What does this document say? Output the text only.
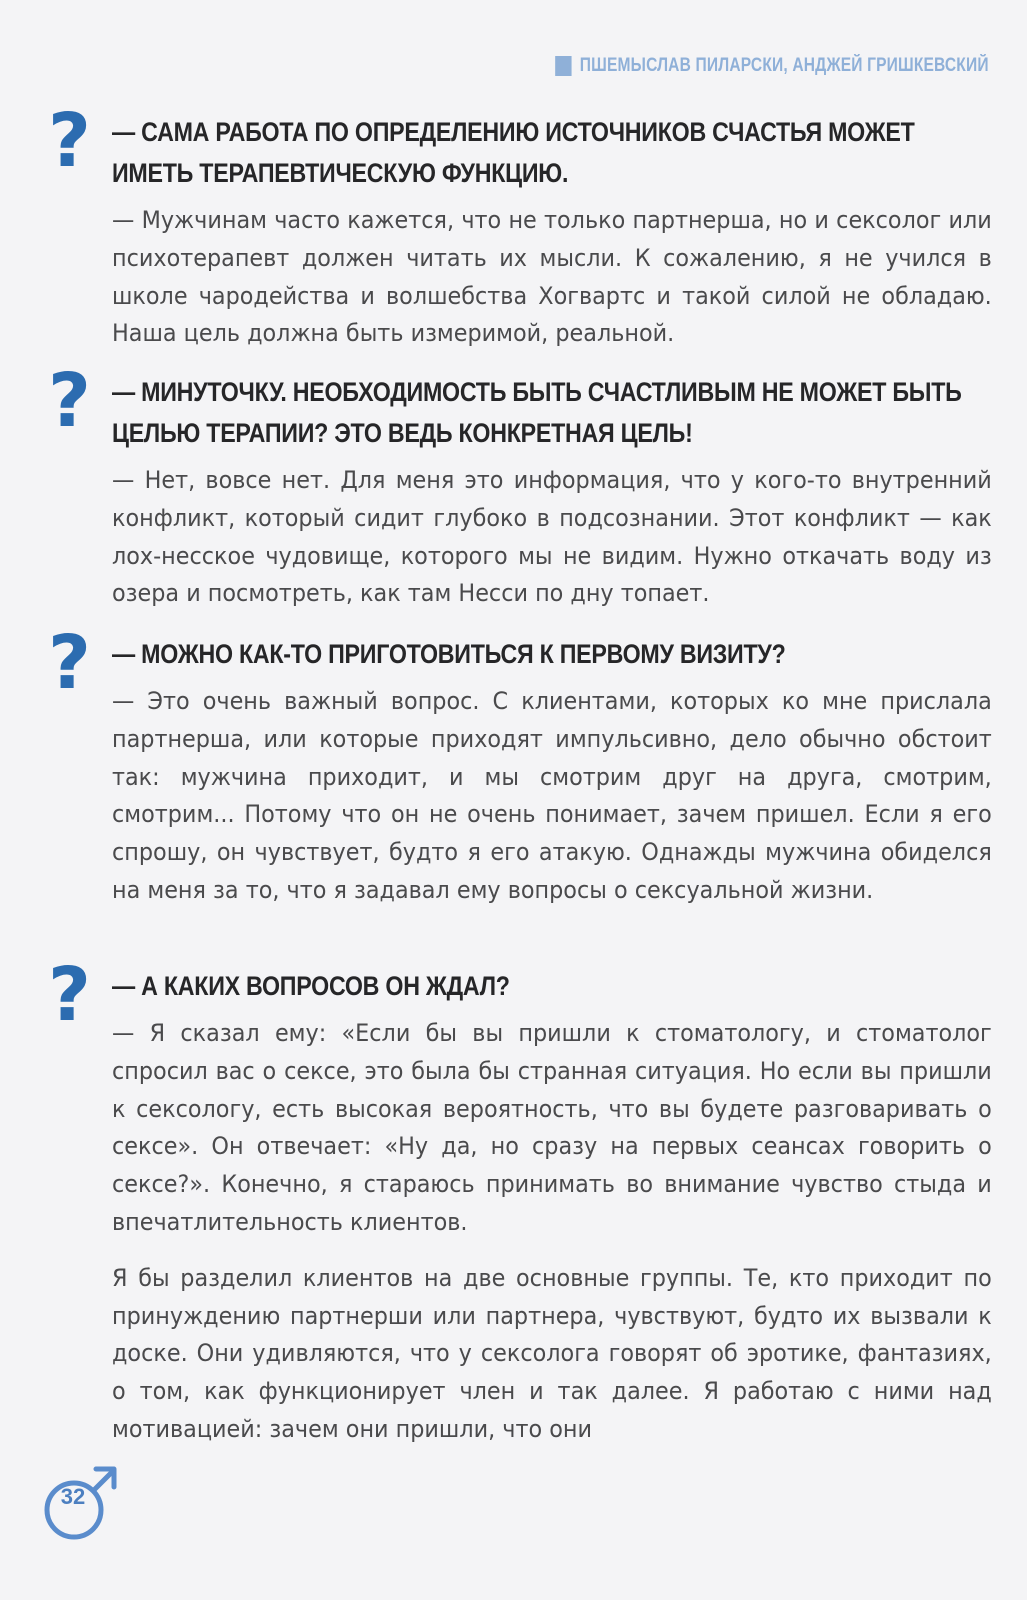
ПШЕМЫСЛАВ ПИЛАРСКИ, АНДЖЕЙ ГРИШКЕВСКИЙ
? — САМА РАБОТА ПО ОПРЕДЕЛЕНИЮ ИСТОЧНИКОВ СЧАСТЬЯ МОЖЕТ ИМЕТЬ ТЕРАПЕВТИЧЕСКУЮ ФУНКЦИЮ.

— Мужчинам часто кажется, что не только партнерша, но и сексолог или психотерапевт должен читать их мысли. К сожалению, я не учился в школе чародейства и волшебства Хогвартс и такой силой не обладаю. Наша цель должна быть измеримой, реальной.

? — МИНУТОЧКУ. НЕОБХОДИМОСТЬ БЫТЬ СЧАСТЛИВЫМ НЕ МОЖЕТ БЫТЬ ЦЕЛЬЮ ТЕРАПИИ? ЭТО ВЕДЬ КОНКРЕТНАЯ ЦЕЛЬ!

— Нет, вовсе нет. Для меня это информация, что у кого-то внутренний конфликт, который сидит глубоко в подсознании. Этот конфликт — как лох-несское чудовище, которого мы не видим. Нужно откачать воду из озера и посмотреть, как там Несси по дну топает.

? — МОЖНО КАК-ТО ПРИГОТОВИТЬСЯ К ПЕРВОМУ ВИЗИТУ?

— Это очень важный вопрос. С клиентами, которых ко мне прислала партнерша, или которые приходят импульсивно, дело обычно обстоит так: мужчина приходит, и мы смотрим друг на друга, смотрим, смотрим... Потому что он не очень понимает, зачем пришел. Если я его спрошу, он чувствует, будто я его атакую. Однажды мужчина обиделся на меня за то, что я задавал ему вопросы о сексуальной жизни.

? — А КАКИХ ВОПРОСОВ ОН ЖДАЛ?

— Я сказал ему: «Если бы вы пришли к стоматологу, и стоматолог спросил вас о сексе, это была бы странная ситуация. Но если вы пришли к сексологу, есть высокая вероятность, что вы будете разговаривать о сексе». Он отвечает: «Ну да, но сразу на первых сеансах говорить о сексе?». Конечно, я стараюсь принимать во внимание чувство стыда и впечатлительность клиентов.

Я бы разделил клиентов на две основные группы. Те, кто приходит по принуждению партнерши или партнера, чувствуют, будто их вызвали к доске. Они удивляются, что у сексолога говорят об эротике, фантазиях, о том, как функционирует член и так далее. Я работаю с ними над мотивацией: зачем они пришли, что они

32
